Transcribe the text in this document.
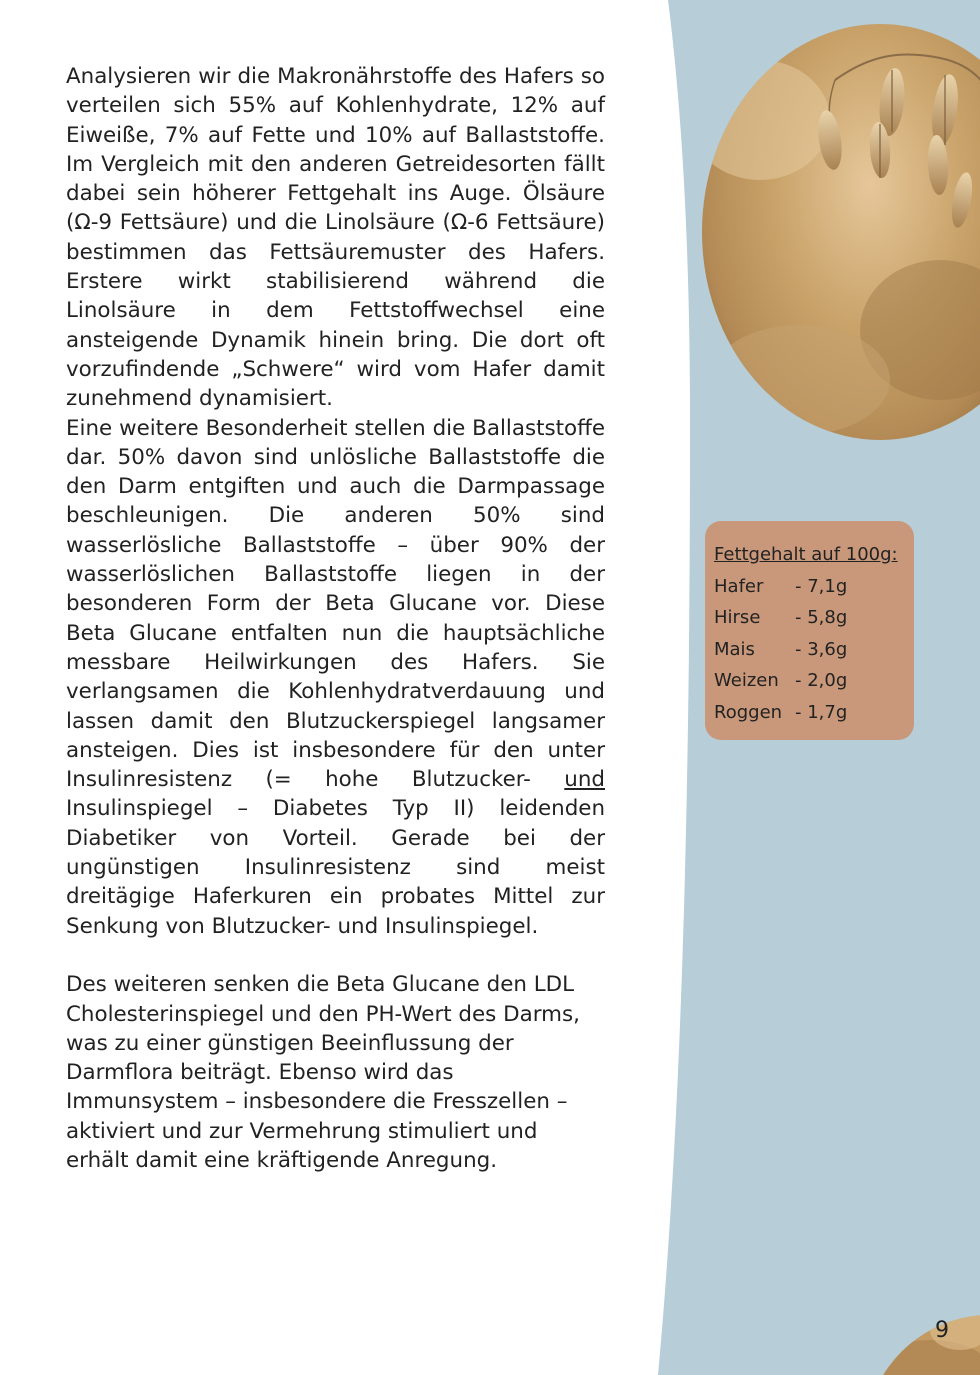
Analysieren wir die Makronährstoffe des Hafers so verteilen sich 55% auf Kohlenhydrate, 12% auf Eiweiße, 7% auf Fette und 10% auf Ballaststoffe. Im Vergleich mit den anderen Getreidesorten fällt dabei sein höherer Fettgehalt ins Auge. Ölsäure (Ω-9 Fettsäure) und die Linolsäure (Ω-6 Fettsäure) bestimmen das Fettsäuremuster des Hafers. Erstere wirkt stabilisierend während die Linolsäure in dem Fettstoffwechsel eine ansteigende Dynamik hinein bring. Die dort oft vorzufindende „Schwere“ wird vom Hafer damit zunehmend dynamisiert.

Eine weitere Besonderheit stellen die Ballaststoffe dar. 50% davon sind unlösliche Ballaststoffe die den Darm entgiften und auch die Darmpassage beschleunigen. Die anderen 50% sind wasserlösliche Ballaststoffe – über 90% der wasserlöslichen Ballaststoffe liegen in der besonderen Form der Beta Glucane vor. Diese Beta Glucane entfalten nun die hauptsächliche messbare Heilwirkungen des Hafers. Sie verlangsamen die Kohlenhydratverdauung und lassen damit den Blutzuckerspiegel langsamer ansteigen. Dies ist insbesondere für den unter Insulinresistenz (= hohe Blutzucker- und Insulinspiegel – Diabetes Typ II) leidenden Diabetiker von Vorteil. Gerade bei der ungünstigen Insulinresistenz sind meist dreitägige Haferkuren ein probates Mittel zur Senkung von Blutzucker- und Insulinspiegel.

Des weiteren senken die Beta Glucane den LDL Cholesterinspiegel und den PH-Wert des Darms, was zu einer günstigen Beeinflussung der Darmflora beiträgt. Ebenso wird das Immunsystem – insbesondere die Fresszellen – aktiviert und zur Vermehrung stimuliert und erhält damit eine kräftigende Anregung.

Fettgehalt auf 100g:
Hafer - 7,1g
Hirse - 5,8g
Mais - 3,6g
Weizen - 2,0g
Roggen - 1,7g
9
